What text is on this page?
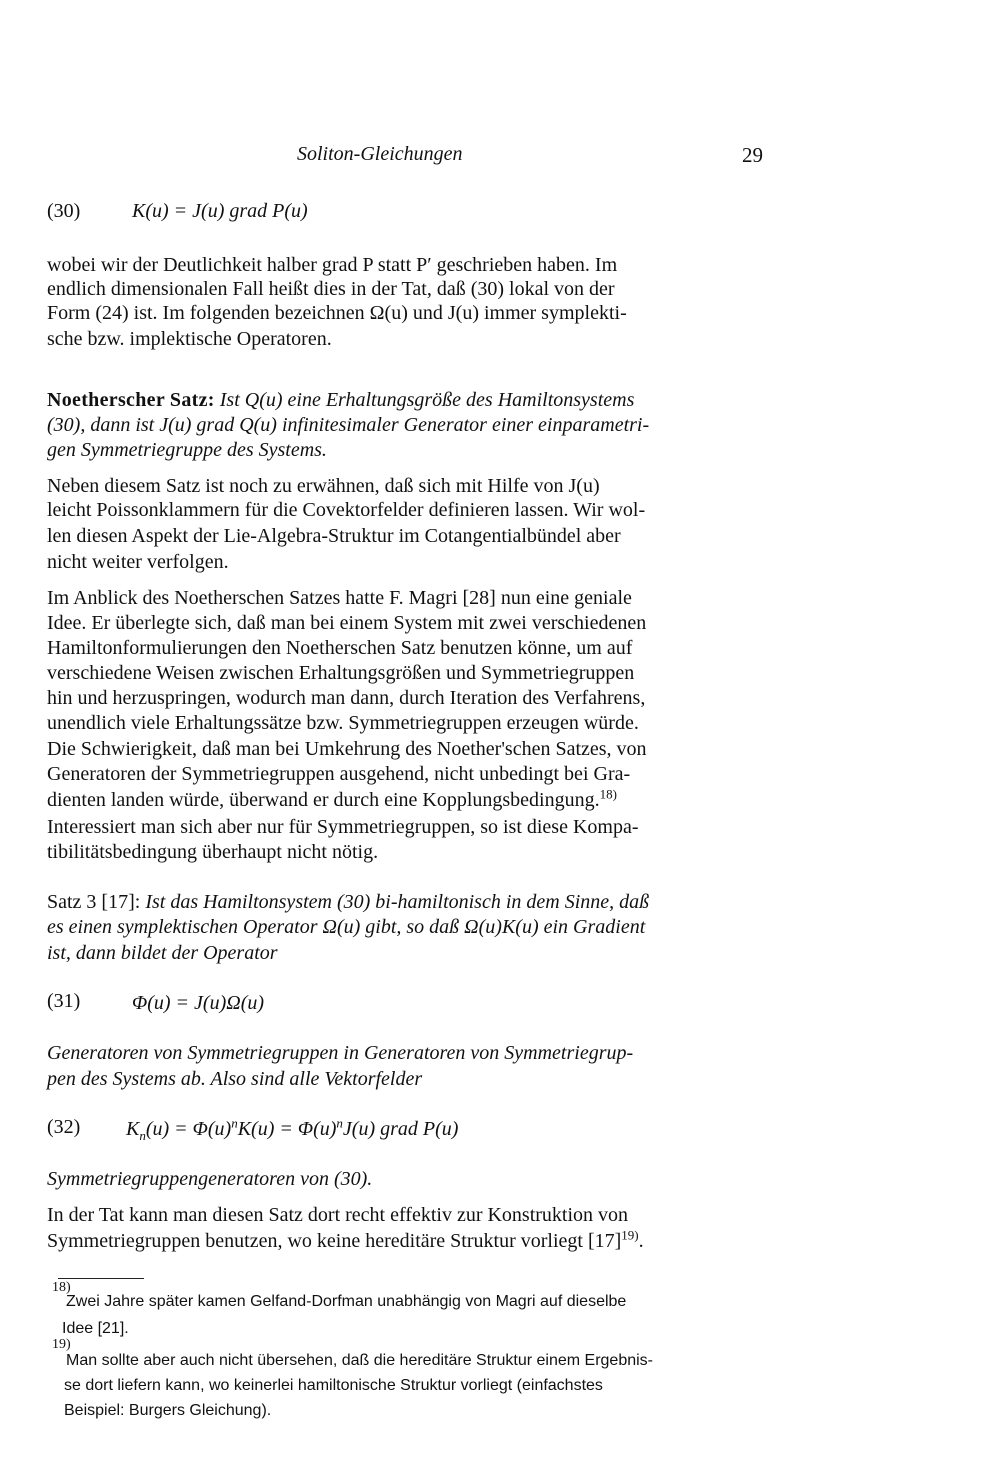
Soliton-Gleichungen	29
(30)	K(u) = J(u) grad P(u)
wobei wir der Deutlichkeit halber grad P statt P′ geschrieben haben. Im
endlich dimensionalen Fall heißt dies in der Tat, daß (30) lokal von der
Form (24) ist. Im folgenden bezeichnen Ω(u) und J(u) immer symplekti-
sche bzw. implektische Operatoren.
Noetherscher Satz: Ist Q(u) eine Erhaltungsgröße des Hamiltonsystems
(30), dann ist J(u) grad Q(u) infinitesimaler Generator einer einparametri-
gen Symmetriegruppe des Systems.
Neben diesem Satz ist noch zu erwähnen, daß sich mit Hilfe von J(u)
leicht Poissonklammern für die Covektorfelder definieren lassen. Wir wol-
len diesen Aspekt der Lie-Algebra-Struktur im Cotangentialbündel aber
nicht weiter verfolgen.
Im Anblick des Noetherschen Satzes hatte F. Magri [28] nun eine geniale
Idee. Er überlegte sich, daß man bei einem System mit zwei verschiedenen
Hamiltonformulierungen den Noetherschen Satz benutzen könne, um auf
verschiedene Weisen zwischen Erhaltungsgrößen und Symmetriegruppen
hin und herzuspringen, wodurch man dann, durch Iteration des Verfahrens,
unendlich viele Erhaltungssätze bzw. Symmetriegruppen erzeugen würde.
Die Schwierigkeit, daß man bei Umkehrung des Noether'schen Satzes, von
Generatoren der Symmetriegruppen ausgehend, nicht unbedingt bei Gra-
dienten landen würde, überwand er durch eine Kopplungsbedingung.$^{18)}$
Interessiert man sich aber nur für Symmetriegruppen, so ist diese Kompa-
tibilitätsbedingung überhaupt nicht nötig.
Satz 3 [17]: Ist das Hamiltonsystem (30) bi-hamiltonisch in dem Sinne, daß
es einen symplektischen Operator Ω(u) gibt, so daß Ω(u)K(u) ein Gradient
ist, dann bildet der Operator
(31)	Φ(u) = J(u)Ω(u)
Generatoren von Symmetriegruppen in Generatoren von Symmetriegrup-
pen des Systems ab. Also sind alle Vektorfelder
(32) $K_n(u) = \Phi(u)^nK(u) = \Phi(u)^nJ(u)$ grad P(u)
Symmetriegruppengeneratoren von (30).
In der Tat kann man diesen Satz dort recht effektiv zur Konstruktion von
Symmetriegruppen benutzen, wo keine hereditäre Struktur vorliegt $[17]^{19)}$.
18)
Zwei Jahre später kamen Gelfand-Dorfman unabhängig von Magri auf dieselbe
Idee [21].
19)
Man sollte aber auch nicht übersehen, daß die hereditäre Struktur einem Ergebnis-
se dort liefern kann, wo keinerlei hamiltonische Struktur vorliegt (einfachstes
Beispiel: Burgers Gleichung).
